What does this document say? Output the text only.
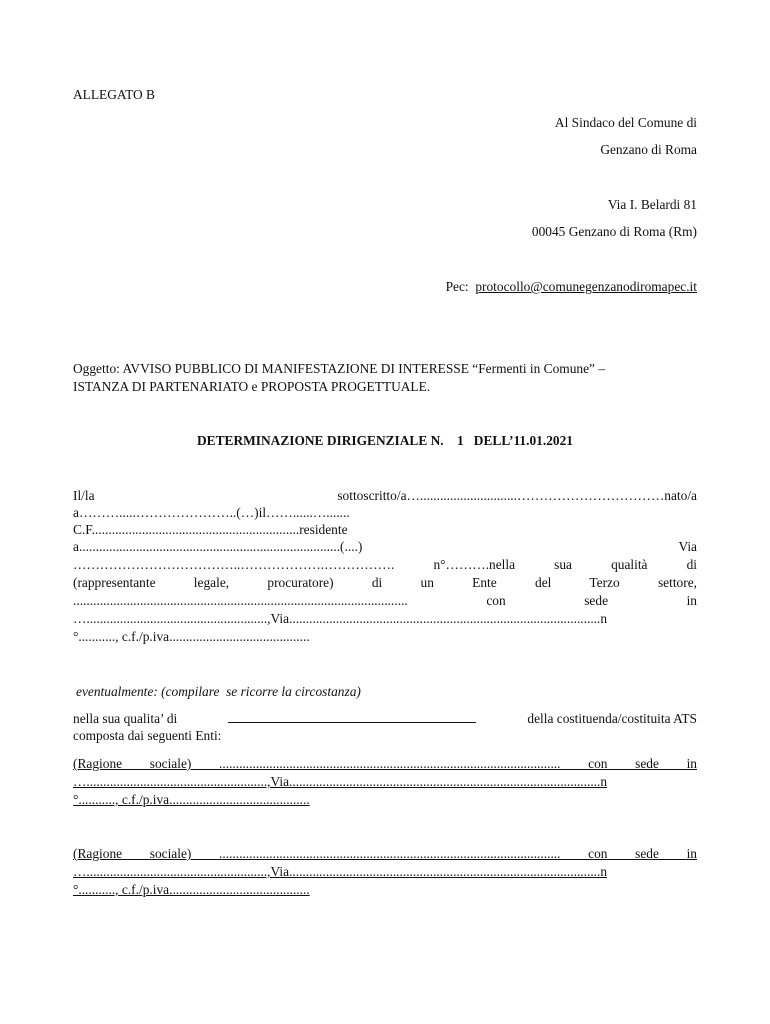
ALLEGATO B
Al Sindaco del Comune di
Genzano di Roma
Via I. Belardi 81
00045 Genzano di Roma (Rm)
Pec: protocollo@comunegenzanodiromapec.it
Oggetto: AVVISO PUBBLICO DI MANIFESTAZIONE DI INTERESSE “Fermenti in Comune” –
ISTANZA DI PARTENARIATO e PROPOSTA PROGETTUALE.
DETERMINAZIONE DIRIGENZIALE N.    1   DELL’11.01.2021
Il/la sottoscritto/a….............................……………………………nato/a
a……….....…………………..(…)il……......….......
C.F..............................................................residente
a..............................................................................(....) Via
………………………………..……………….……………. n°……….nella sua qualità di
(rappresentante legale, procuratore) di un Ente del Terzo settore,
.................................................................................................... con sede in
…......................................................,Via.............................................................................................n
°..........., c.f./p.iva..........................................
eventualmente: (compilare  se ricorre la circostanza)
nella sua qualita’ di	della costituenda/costituita ATS
composta dai seguenti Enti:
(Ragione sociale) ...................................................................................................... con sede in
…......................................................,Via.............................................................................................n
°..........., c.f./p.iva..........................................
(Ragione sociale) ...................................................................................................... con sede in
…......................................................,Via.............................................................................................n
°..........., c.f./p.iva..........................................
